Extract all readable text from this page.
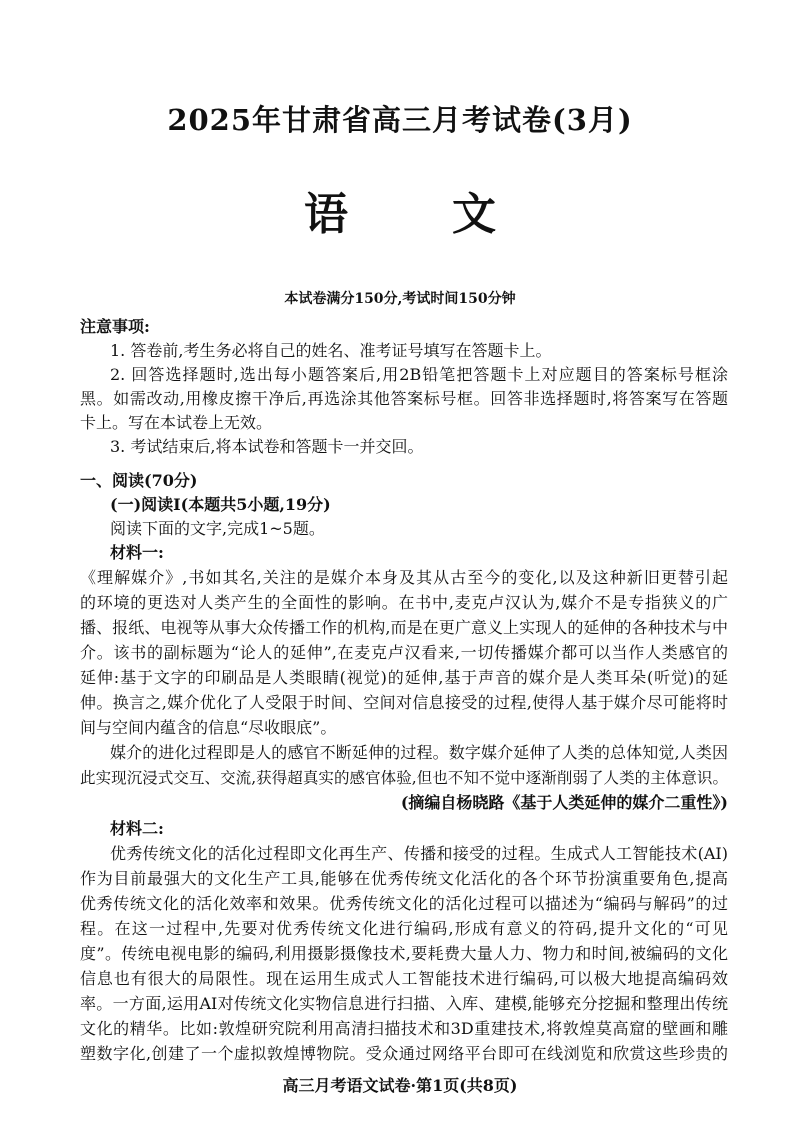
2025年甘肃省高三月考试卷(3月)
语文
本试卷满分150分,考试时间150分钟
注意事项:
1. 答卷前,考生务必将自己的姓名、准考证号填写在答题卡上。
2. 回答选择题时,选出每小题答案后,用2B铅笔把答题卡上对应题目的答案标号框涂
黑。如需改动,用橡皮擦干净后,再选涂其他答案标号框。回答非选择题时,将答案写在答题
卡上。写在本试卷上无效。
3. 考试结束后,将本试卷和答题卡一并交回。
一、阅读(70分)
(一)阅读Ⅰ(本题共5小题,19分)
阅读下面的文字,完成1~5题。
材料一:
《理解媒介》,书如其名,关注的是媒介本身及其从古至今的变化,以及这种新旧更替引起
的环境的更迭对人类产生的全面性的影响。在书中,麦克卢汉认为,媒介不是专指狭义的广
播、报纸、电视等从事大众传播工作的机构,而是在更广意义上实现人的延伸的各种技术与中
介。该书的副标题为“论人的延伸”,在麦克卢汉看来,一切传播媒介都可以当作人类感官的
延伸:基于文字的印刷品是人类眼睛(视觉)的延伸,基于声音的媒介是人类耳朵(听觉)的延
伸。换言之,媒介优化了人受限于时间、空间对信息接受的过程,使得人基于媒介尽可能将时
间与空间内蕴含的信息“尽收眼底”。
媒介的进化过程即是人的感官不断延伸的过程。数字媒介延伸了人类的总体知觉,人类因
此实现沉浸式交互、交流,获得超真实的感官体验,但也不知不觉中逐渐削弱了人类的主体意识。
(摘编自杨晓路《基于人类延伸的媒介二重性》)
材料二:
优秀传统文化的活化过程即文化再生产、传播和接受的过程。生成式人工智能技术(AI)
作为目前最强大的文化生产工具,能够在优秀传统文化活化的各个环节扮演重要角色,提高
优秀传统文化的活化效率和效果。优秀传统文化的活化过程可以描述为“编码与解码”的过
程。在这一过程中,先要对优秀传统文化进行编码,形成有意义的符码,提升文化的“可见
度”。传统电视电影的编码,利用摄影摄像技术,要耗费大量人力、物力和时间,被编码的文化
信息也有很大的局限性。现在运用生成式人工智能技术进行编码,可以极大地提高编码效
率。一方面,运用AI对传统文化实物信息进行扫描、入库、建模,能够充分挖掘和整理出传统
文化的精华。比如:敦煌研究院利用高清扫描技术和3D重建技术,将敦煌莫高窟的壁画和雕
塑数字化,创建了一个虚拟敦煌博物院。受众通过网络平台即可在线浏览和欣赏这些珍贵的
高三月考语文试卷·第1页(共8页)
